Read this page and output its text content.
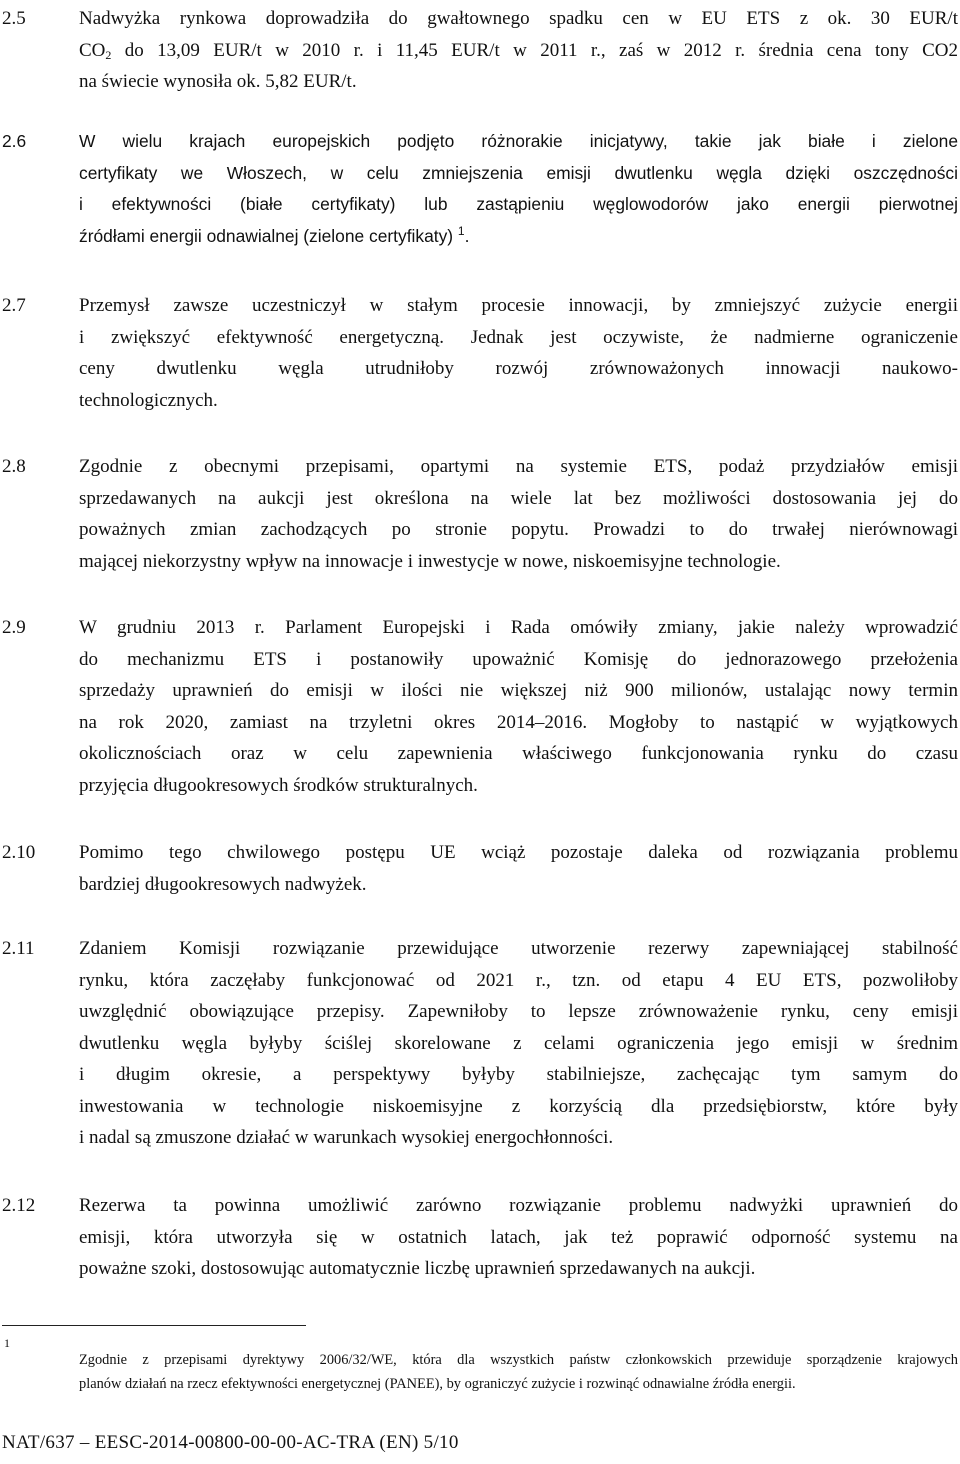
2.5	Nadwyżka rynkowa doprowadziła do gwałtownego spadku cen w EU ETS z ok. 30 EUR/t
$CO_2$ do 13,09 EUR/t w 2010 r. i 11,45 EUR/t w 2011 r., zaś w 2012 r. średnia cena tony CO2
na świecie wynosiła ok. 5,82 EUR/t.
2.6	W wielu krajach europejskich podjęto różnorakie inicjatywy, takie jak białe i zielone
certyfikaty we Włoszech, w celu zmniejszenia emisji dwutlenku węgla dzięki oszczędności
i efektywności (białe certyfikaty) lub zastąpieniu węglowodorów jako energii pierwotnej
źródłami energii odnawialnej (zielone certyfikaty) $^1$.
2.7	Przemysł zawsze uczestniczył w stałym procesie innowacji, by zmniejszyć zużycie energii
i zwiększyć efektywność energetyczną. Jednak jest oczywiste, że nadmierne ograniczenie
ceny dwutlenku węgla utrudniłoby rozwój zrównoważonych innowacji naukowo-
technologicznych.
2.8	Zgodnie z obecnymi przepisami, opartymi na systemie ETS, podaż przydziałów emisji
sprzedawanych na aukcji jest określona na wiele lat bez możliwości dostosowania jej do
poważnych zmian zachodzących po stronie popytu. Prowadzi to do trwałej nierównowagi
mającej niekorzystny wpływ na innowacje i inwestycje w nowe, niskoemisyjne technologie.
2.9	W grudniu 2013 r. Parlament Europejski i Rada omówiły zmiany, jakie należy wprowadzić
do mechanizmu ETS i postanowiły upoważnić Komisję do jednorazowego przełożenia
sprzedaży uprawnień do emisji w ilości nie większej niż 900 milionów, ustalając nowy termin
na rok 2020, zamiast na trzyletni okres 2014–2016. Mogłoby to nastąpić w wyjątkowych
okolicznościach oraz w celu zapewnienia właściwego funkcjonowania rynku do czasu
przyjęcia długookresowych środków strukturalnych.
2.10 Pomimo tego chwilowego postępu UE wciąż pozostaje daleka od rozwiązania problemu
bardziej długookresowych nadwyżek.
2.11 Zdaniem Komisji rozwiązanie przewidujące utworzenie rezerwy zapewniającej stabilność
rynku, która zaczęłaby funkcjonować od 2021 r., tzn. od etapu 4 EU ETS, pozwoliłoby
uwzględnić obowiązujące przepisy. Zapewniłoby to lepsze zrównoważenie rynku, ceny emisji
dwutlenku węgla byłyby ściślej skorelowane z celami ograniczenia jego emisji w średnim
i długim okresie, a perspektywy byłyby stabilniejsze, zachęcając tym samym do
inwestowania w technologie niskoemisyjne z korzyścią dla przedsiębiorstw, które były
i nadal są zmuszone działać w warunkach wysokiej energochłonności.
2.12 Rezerwa ta powinna umożliwić zarówno rozwiązanie problemu nadwyżki uprawnień do
emisji, która utworzyła się w ostatnich latach, jak też poprawić odporność systemu na
poważne szoki, dostosowując automatycznie liczbę uprawnień sprzedawanych na aukcji.
1
Zgodnie z przepisami dyrektywy 2006/32/WE, która dla wszystkich państw członkowskich przewiduje sporządzenie krajowych
planów działań na rzecz efektywności energetycznej (PANEE), by ograniczyć zużycie i rozwinąć odnawialne źródła energii.
NAT/637 – EESC-2014-00800-00-00-AC-TRA (EN) 5/10
